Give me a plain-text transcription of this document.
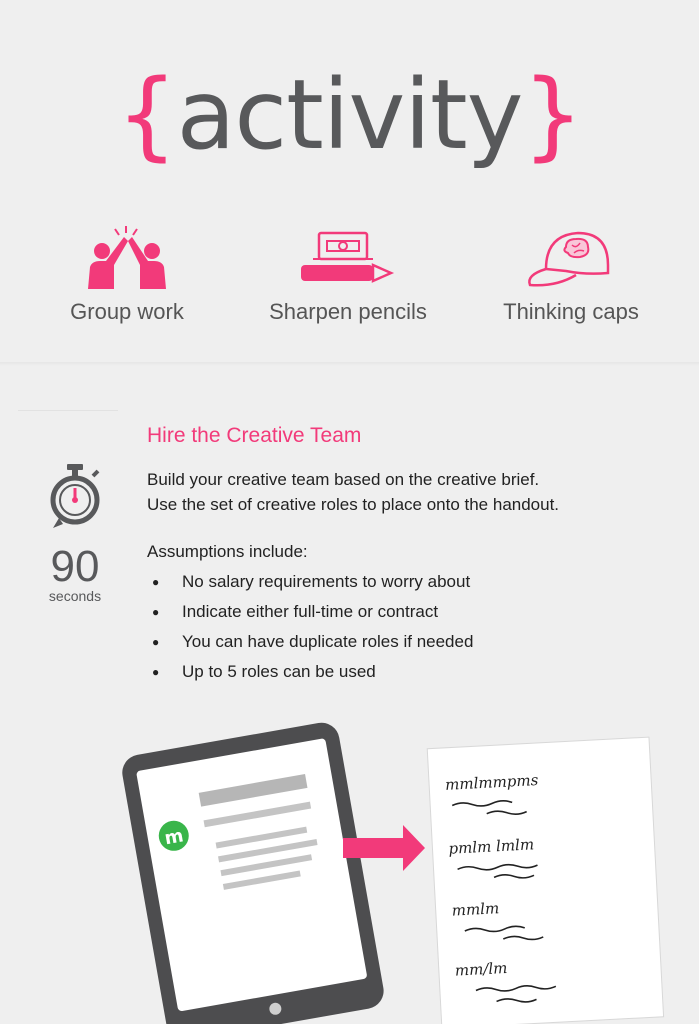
{activity}
Group work	Sharpen pencils	Thinking caps
90
seconds
Hire the Creative Team
Build your creative team based on the creative brief.
Use the set of creative roles to place onto the handout.
Assumptions include:
● No salary requirements to worry about
● Indicate either full-time or contract
● You can have duplicate roles if needed
● Up to 5 roles can be used
m
mmlmmpms
pmlm lmlm
mmlm
mm/lm
